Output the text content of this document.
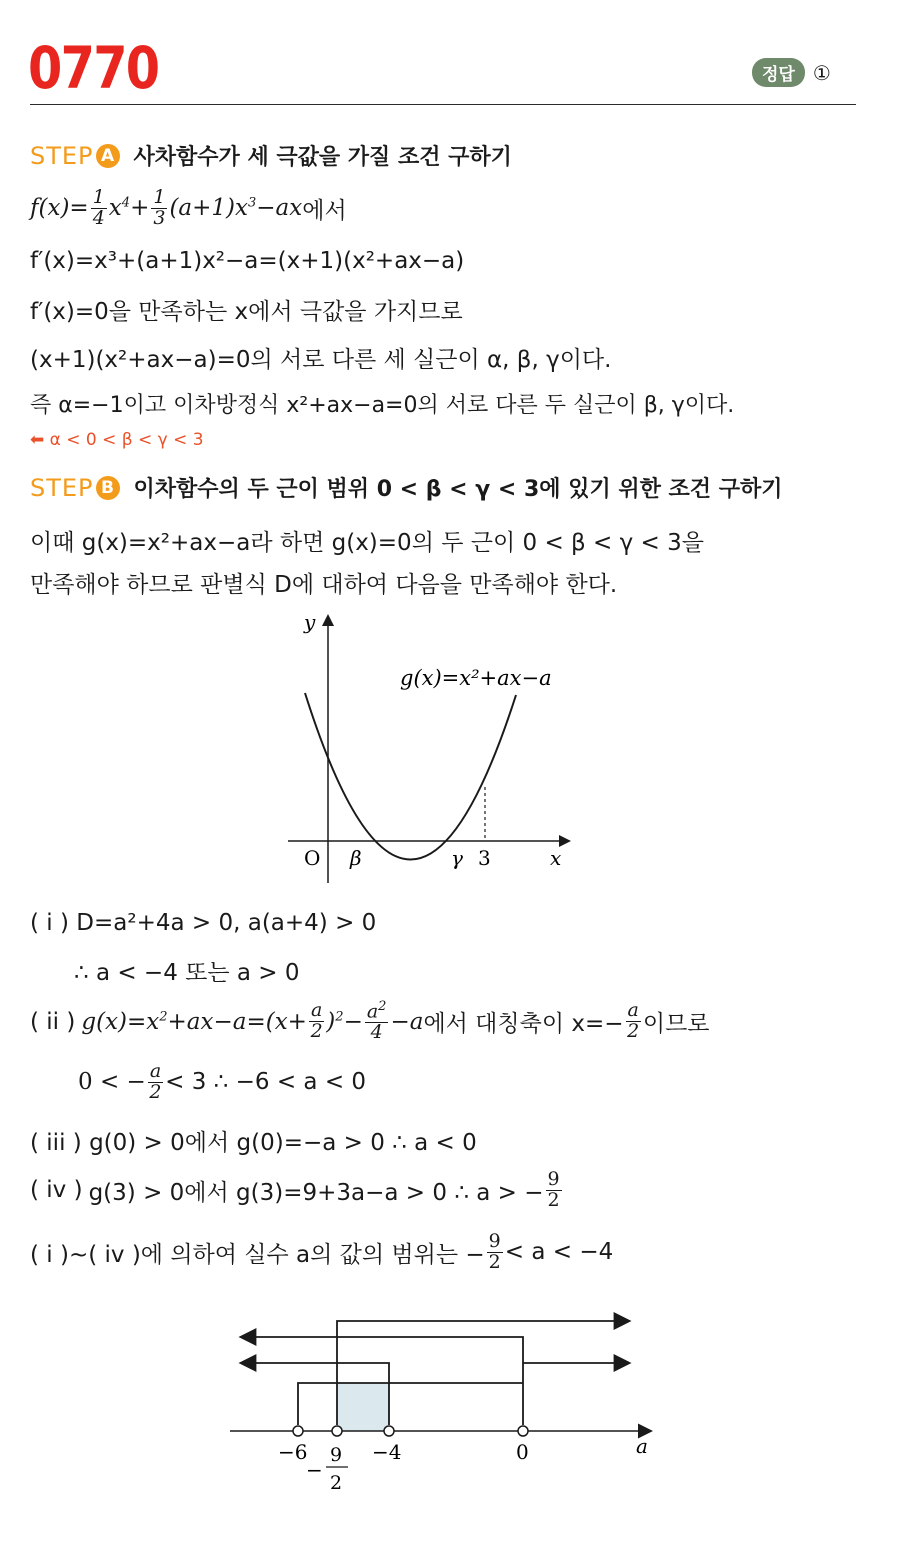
0770	정답 ①
STEP A 사차함수가 세 극값을 가질 조건 구하기
$f(x)= \frac{1}{4} x^4+ \frac{1}{3} (a+1)x^3-ax$ 에서
f′(x)=x³+(a+1)x²−a=(x+1)(x²+ax−a)
f′(x)=0을 만족하는 x에서 극값을 가지므로
(x+1)(x²+ax−a)=0의 서로 다른 세 실근이 α, β, γ이다.
즉 α=−1이고 이차방정식 x²+ax−a=0의 서로 다른 두 실근이 β, γ이다.
⬅ α < 0 < β < γ < 3
STEP B 이차함수의 두 근이 범위 0 < β < γ < 3에 있기 위한 조건 구하기
이때 g(x)=x²+ax−a라 하면 g(x)=0의 두 근이 0 < β < γ < 3을
만족해야 하므로 판별식 D에 대하여 다음을 만족해야 한다.
y
x
O β	γ 3
g(x)=x²+ax−a
( i ) D=a²+4a > 0, a(a+4) > 0
∴ a < −4 또는 a > 0
( ii ) $g(x)=x^2+ax-a=(x+ \frac{a}{2} )^2- \frac{a^2}{4} -a$ 에서 대칭축이 $x=- \frac{a}{2}$ 이므로
0 < − $\frac{a}{2} < 3$ ∴ −6 < a < 0
( iii ) g(0) > 0에서 g(0)=−a > 0 ∴ a < 0
( iv ) g(3) > 0에서 g(3)=9+3a−a > 0 ∴ a > − $\frac{9}{2}$
( i )~( iv )에 의하여 실수 a의 값의 범위는 − $\frac{9}{2} < a < -4$
−6	−4	0	a
−
9
2
